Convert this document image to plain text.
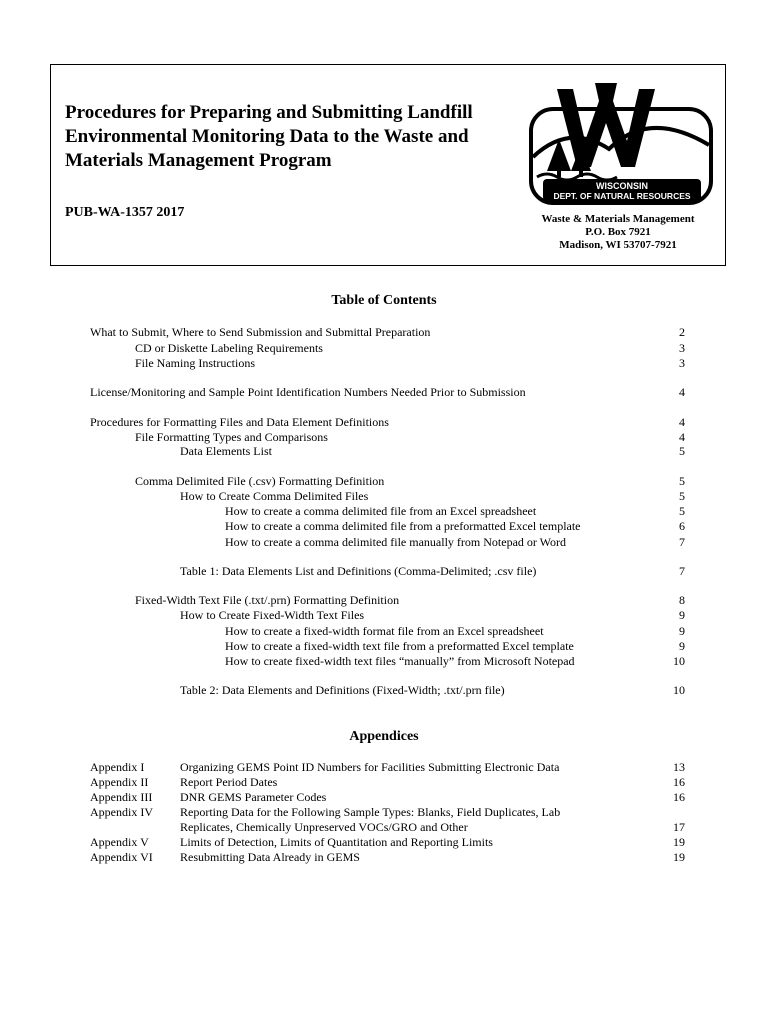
Procedures for Preparing and Submitting Landfill
Environmental Monitoring Data to the Waste and
Materials Management Program
PUB-WA-1357 2017
WISCONSIN
DEPT. OF NATURAL RESOURCES
Waste & Materials Management
P.O. Box 7921
Madison, WI 53707-7921
Table of Contents
What to Submit, Where to Send Submission and Submittal Preparation	2
CD or Diskette Labeling Requirements	3
File Naming Instructions	3
License/Monitoring and Sample Point Identification Numbers Needed Prior to Submission	4
Procedures for Formatting Files and Data Element Definitions	4
File Formatting Types and Comparisons	4
Data Elements List	5
Comma Delimited File (.csv) Formatting Definition	5
How to Create Comma Delimited Files	5
How to create a comma delimited file from an Excel spreadsheet	5
How to create a comma delimited file from a preformatted Excel template	6
How to create a comma delimited file manually from Notepad or Word	7
Table 1: Data Elements List and Definitions (Comma-Delimited; .csv file)	7
Fixed-Width Text File (.txt/.prn) Formatting Definition	8
How to Create Fixed-Width Text Files	9
How to create a fixed-width format file from an Excel spreadsheet	9
How to create a fixed-width text file from a preformatted Excel template	9
How to create fixed-width text files “manually” from Microsoft Notepad	10
Table 2: Data Elements and Definitions (Fixed-Width; .txt/.prn file)	10
Appendices
Appendix I	Organizing GEMS Point ID Numbers for Facilities Submitting Electronic Data	13
Appendix II	Report Period Dates	16
Appendix III DNR GEMS Parameter Codes	16
Appendix IV Reporting Data for the Following Sample Types: Blanks, Field Duplicates, Lab
Replicates, Chemically Unpreserved VOCs/GRO and Other	17
Appendix V	Limits of Detection, Limits of Quantitation and Reporting Limits	19
Appendix VI Resubmitting Data Already in GEMS	19
